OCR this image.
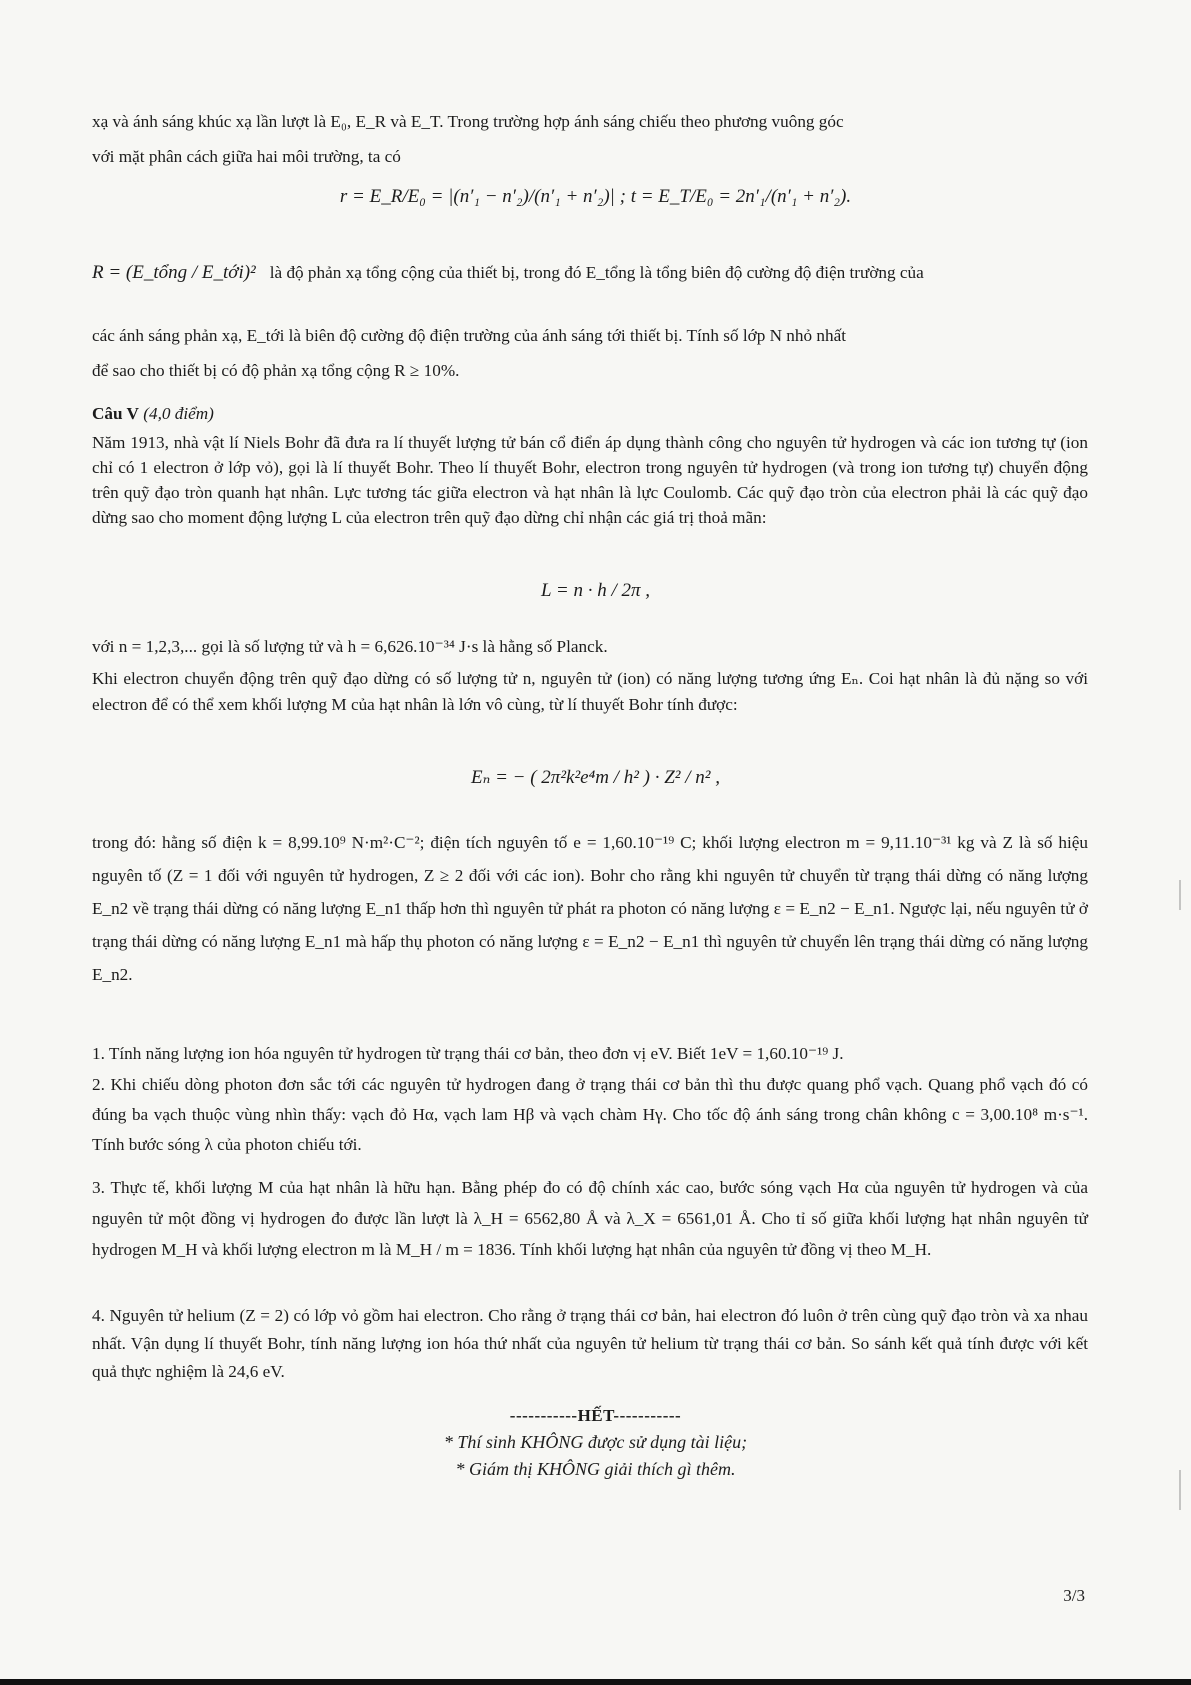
xạ và ánh sáng khúc xạ lần lượt là E₀, E_R và E_T. Trong trường hợp ánh sáng chiếu theo phương vuông góc
với mặt phân cách giữa hai môi trường, ta có
r = E_R/E₀ = |(n′₁ − n′₂)/(n′₁ + n′₂)| ; t = E_T/E₀ = 2n′₁/(n′₁ + n′₂).
R = (E_tổng / E_tới)² là độ phản xạ tổng cộng của thiết bị, trong đó E_tổng là tổng biên độ cường độ điện trường của
các ánh sáng phản xạ, E_tới là biên độ cường độ điện trường của ánh sáng tới thiết bị. Tính số lớp N nhỏ nhất
để sao cho thiết bị có độ phản xạ tổng cộng R ≥ 10%.
Câu V (4,0 điểm)
Năm 1913, nhà vật lí Niels Bohr đã đưa ra lí thuyết lượng tử bán cổ điển áp dụng thành công cho nguyên tử hydrogen và các ion tương tự (ion chỉ có 1 electron ở lớp vỏ), gọi là lí thuyết Bohr. Theo lí thuyết Bohr, electron trong nguyên tử hydrogen (và trong ion tương tự) chuyển động trên quỹ đạo tròn quanh hạt nhân. Lực tương tác giữa electron và hạt nhân là lực Coulomb. Các quỹ đạo tròn của electron phải là các quỹ đạo dừng sao cho moment động lượng L của electron trên quỹ đạo dừng chỉ nhận các giá trị thoả mãn:
L = n · h / 2π ,
với n = 1,2,3,... gọi là số lượng tử và h = 6,626.10⁻³⁴ J·s là hằng số Planck.
Khi electron chuyển động trên quỹ đạo dừng có số lượng tử n, nguyên tử (ion) có năng lượng tương ứng Eₙ. Coi hạt nhân là đủ nặng so với electron để có thể xem khối lượng M của hạt nhân là lớn vô cùng, từ lí thuyết Bohr tính được:
Eₙ = − ( 2π²k²e⁴m / h² ) · Z² / n² ,
trong đó: hằng số điện k = 8,99.10⁹ N·m²·C⁻²; điện tích nguyên tố e = 1,60.10⁻¹⁹ C; khối lượng electron m = 9,11.10⁻³¹ kg và Z là số hiệu nguyên tố (Z = 1 đối với nguyên tử hydrogen, Z ≥ 2 đối với các ion). Bohr cho rằng khi nguyên tử chuyển từ trạng thái dừng có năng lượng E_n2 về trạng thái dừng có năng lượng E_n1 thấp hơn thì nguyên tử phát ra photon có năng lượng ε = E_n2 − E_n1. Ngược lại, nếu nguyên tử ở trạng thái dừng có năng lượng E_n1 mà hấp thụ photon có năng lượng ε = E_n2 − E_n1 thì nguyên tử chuyển lên trạng thái dừng có năng lượng E_n2.
1. Tính năng lượng ion hóa nguyên tử hydrogen từ trạng thái cơ bản, theo đơn vị eV. Biết 1eV = 1,60.10⁻¹⁹ J.
2. Khi chiếu dòng photon đơn sắc tới các nguyên tử hydrogen đang ở trạng thái cơ bản thì thu được quang phổ vạch. Quang phổ vạch đó có đúng ba vạch thuộc vùng nhìn thấy: vạch đỏ Hα, vạch lam Hβ và vạch chàm Hγ. Cho tốc độ ánh sáng trong chân không c = 3,00.10⁸ m·s⁻¹. Tính bước sóng λ của photon chiếu tới.
3. Thực tế, khối lượng M của hạt nhân là hữu hạn. Bằng phép đo có độ chính xác cao, bước sóng vạch Hα của nguyên tử hydrogen và của nguyên tử một đồng vị hydrogen đo được lần lượt là λ_H = 6562,80 Å và λ_X = 6561,01 Å. Cho tỉ số giữa khối lượng hạt nhân nguyên tử hydrogen M_H và khối lượng electron m là M_H / m = 1836. Tính khối lượng hạt nhân của nguyên tử đồng vị theo M_H.
4. Nguyên tử helium (Z = 2) có lớp vỏ gồm hai electron. Cho rằng ở trạng thái cơ bản, hai electron đó luôn ở trên cùng quỹ đạo tròn và xa nhau nhất. Vận dụng lí thuyết Bohr, tính năng lượng ion hóa thứ nhất của nguyên tử helium từ trạng thái cơ bản. So sánh kết quả tính được với kết quả thực nghiệm là 24,6 eV.
-----------HẾT-----------
* Thí sinh KHÔNG được sử dụng tài liệu;
* Giám thị KHÔNG giải thích gì thêm.
3/3
